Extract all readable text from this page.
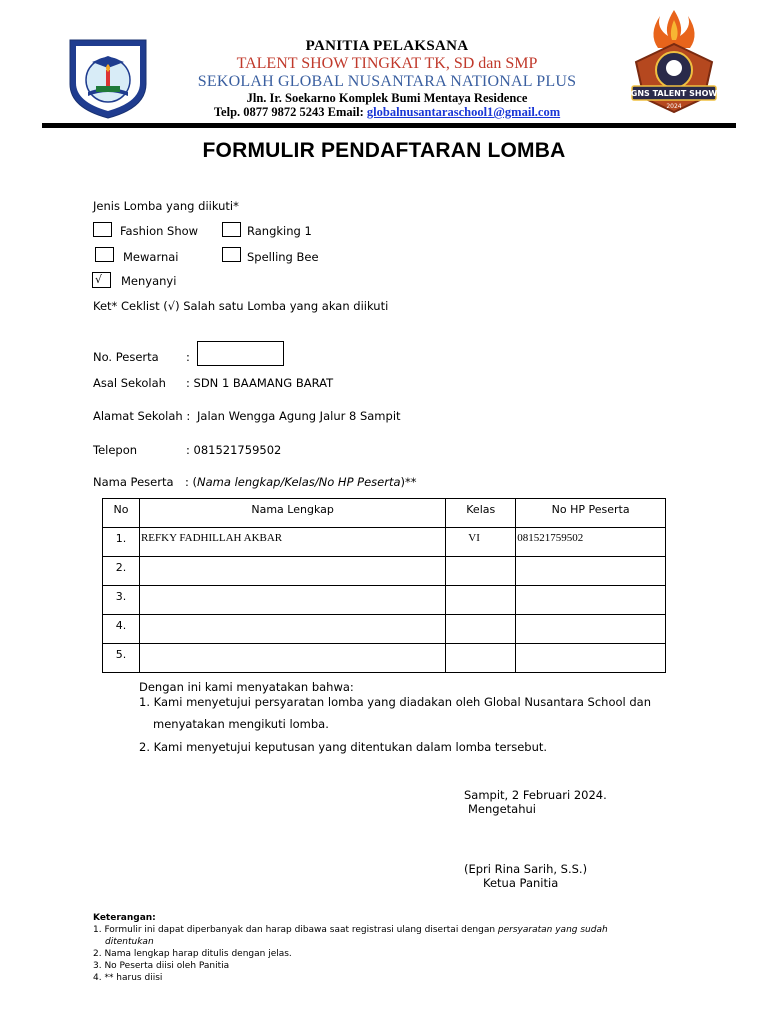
GNS TALENT SHOW
2024
PANITIA PELAKSANA
TALENT SHOW TINGKAT TK, SD dan SMP
SEKOLAH GLOBAL NUSANTARA NATIONAL PLUS
Jln. Ir. Soekarno Komplek Bumi Mentaya Residence
Telp. 0877 9872 5243 Email: globalnusantaraschool1@gmail.com
FORMULIR PENDAFTARAN LOMBA
Jenis Lomba yang diikuti*
Fashion Show	Rangking 1
Mewarnai	Spelling Bee
√	Menyanyi
Ket* Ceklist (√) Salah satu Lomba yang akan diikuti
No. Peserta :
Asal Sekolah : SDN 1 BAAMANG BARAT
Alamat Sekolah : Jalan Wengga Agung Jalur 8 Sampit
Telepon	: 081521759502
Nama Peserta : (Nama lengkap/Kelas/No HP Peserta)**
No	Nama Lengkap	Kelas	No HP Peserta
1.	REFKY FADHILLAH AKBAR	VI	081521759502
2.			
3.			
4.			
5.			
Dengan ini kami menyatakan bahwa:
1. Kami menyetujui persyaratan lomba yang diadakan oleh Global Nusantara School dan
menyatakan mengikuti lomba.
2. Kami menyetujui keputusan yang ditentukan dalam lomba tersebut.
Sampit, 2 Februari 2024.
Mengetahui
(Epri Rina Sarih, S.S.)
Ketua Panitia
Keterangan:
1. Formulir ini dapat diperbanyak dan harap dibawa saat registrasi ulang disertai dengan persyaratan yang sudah
ditentukan
2. Nama lengkap harap ditulis dengan jelas.
3. No Peserta diisi oleh Panitia
4. ** harus diisi
